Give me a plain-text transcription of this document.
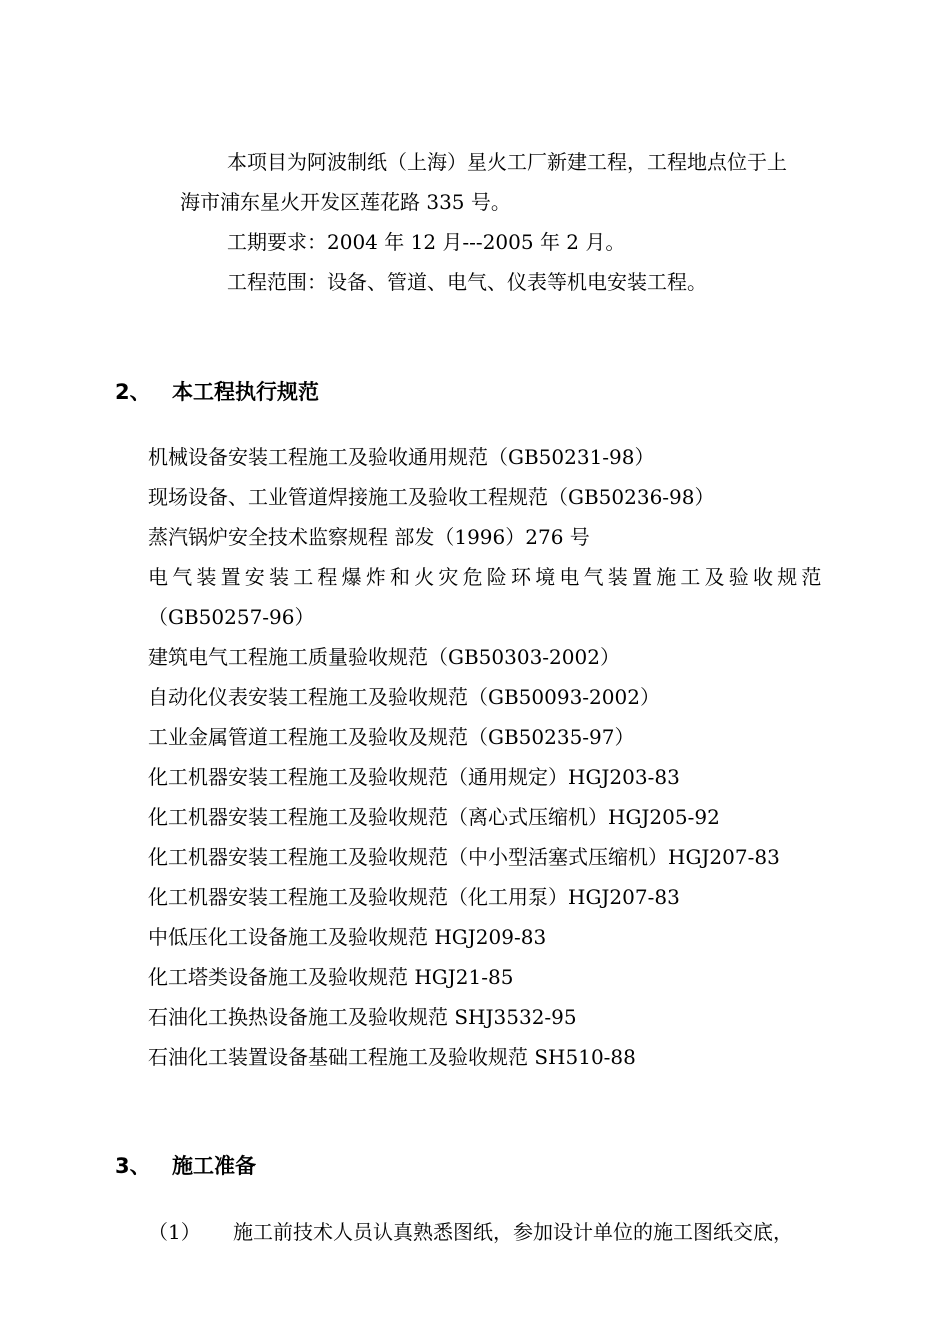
本项目为阿波制纸（上海）星火工厂新建工程，工程地点位于上
海市浦东星火开发区莲花路 335 号。
工期要求：2004 年 12 月---2005 年 2 月。
工程范围：设备、管道、电气、仪表等机电安装工程。
2、 本工程执行规范
机械设备安装工程施工及验收通用规范（GB50231-98）
现场设备、工业管道焊接施工及验收工程规范（GB50236-98）
蒸汽锅炉安全技术监察规程 部发（1996）276 号
电气装置安装工程爆炸和火灾危险环境电气装置施工及验收规范
（GB50257-96）
建筑电气工程施工质量验收规范（GB50303-2002）
自动化仪表安装工程施工及验收规范（GB50093-2002）
工业金属管道工程施工及验收及规范（GB50235-97）
化工机器安装工程施工及验收规范（通用规定）HGJ203-83
化工机器安装工程施工及验收规范（离心式压缩机）HGJ205-92
化工机器安装工程施工及验收规范（中小型活塞式压缩机）HGJ207-83
化工机器安装工程施工及验收规范（化工用泵）HGJ207-83
中低压化工设备施工及验收规范 HGJ209-83
化工塔类设备施工及验收规范 HGJ21-85
石油化工换热设备施工及验收规范 SHJ3532-95
石油化工装置设备基础工程施工及验收规范 SH510-88
3、 施工准备
（1） 施工前技术人员认真熟悉图纸，参加设计单位的施工图纸交底，
